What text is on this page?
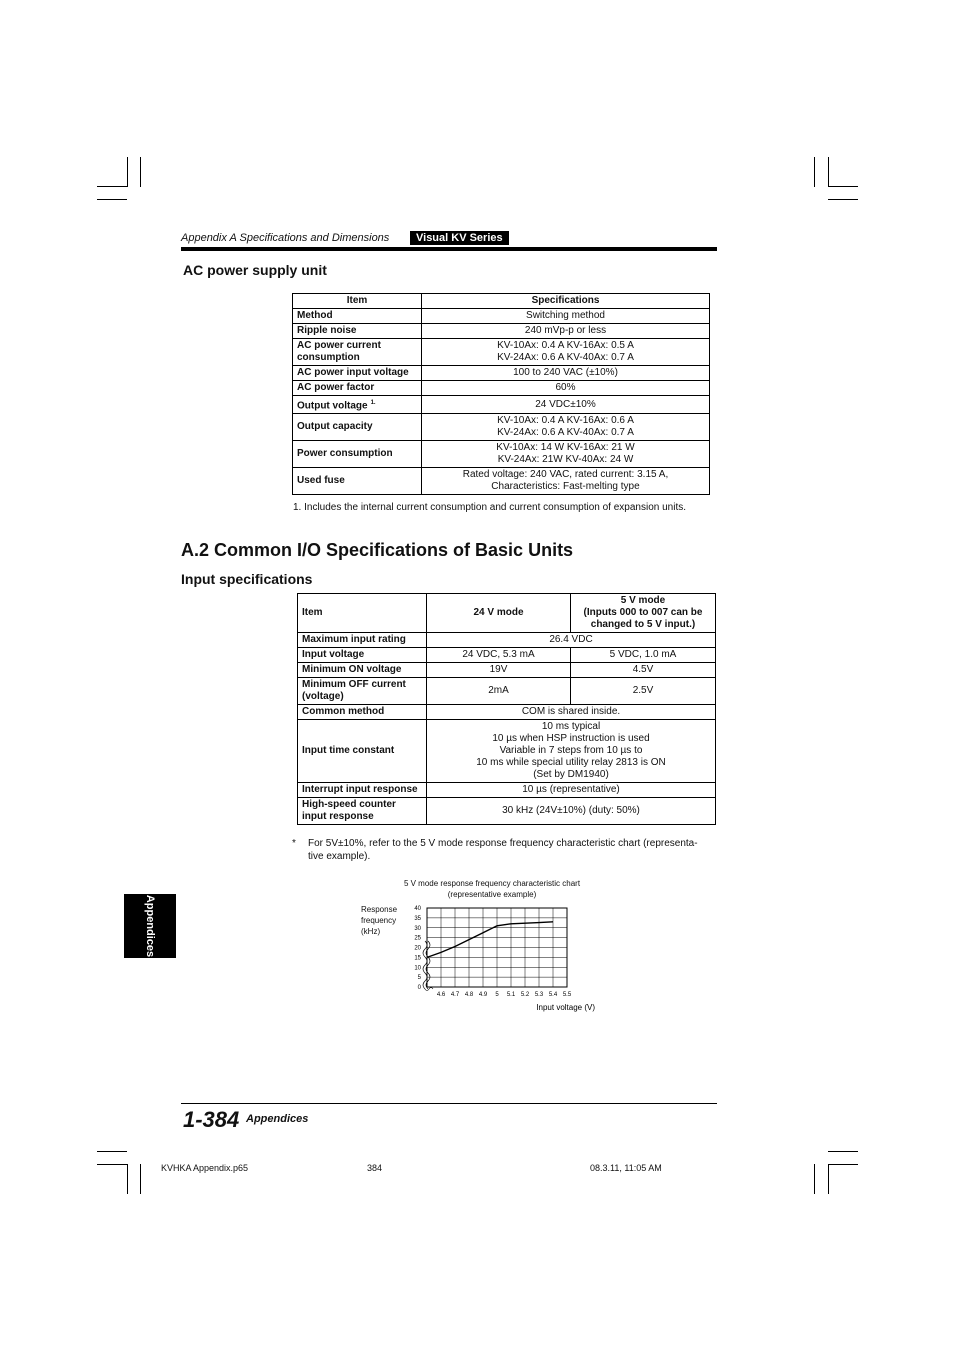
Appendix A Specifications and Dimensions	Visual KV Series
AC power supply unit
Item	Specifications
Method	Switching method

Ripple noise	240 mVp-p or less

AC power current consumption	KV-10Ax: 0.4 A KV-16Ax: 0.5 A
KV-24Ax: 0.6 A KV-40Ax: 0.7 A

AC power input voltage	100 to 240 VAC (±10%)

AC power factor	60%

Output voltage $^{1.}$	24 VDC±10%

Output capacity	KV-10Ax: 0.4 A KV-16Ax: 0.6 A
KV-24Ax: 0.6 A KV-40Ax: 0.7 A

Power consumption	KV-10Ax: 14 W KV-16Ax: 21 W
KV-24Ax: 21W KV-40Ax: 24 W

Used fuse	Rated voltage: 240 VAC, rated current: 3.15 A,
Characteristics: Fast-melting type
1. Includes the internal current consumption and current consumption of expansion units.
A.2 Common I/O Specifications of Basic Units
Input specifications
Item	24 V mode	5 V mode
(Inputs 000 to 007 can be
changed to 5 V input.)

Maximum input rating	26.4 VDC	

Input voltage	24 VDC, 5.3 mA	5 VDC, 1.0 mA
Minimum ON voltage	19V	4.5V
Minimum OFF current (voltage)	2mA	2.5V
Common method	COM is shared inside.	

Input time constant	10 ms typical
10 µs when HSP instruction is used
Variable in 7 steps from 10 µs to
10 ms while special utility relay 2813 is ON
(Set by DM1940)	

Interrupt input response	10 µs (representative)	

High-speed counter input response	30 kHz (24V±10%) (duty: 50%)	
* For 5V±10%, refer to the 5 V mode response frequency characteristic chart (representa-tive example).
5 V mode response frequency characteristic chart
(representative example)
Response frequency (kHz)
0
5
10
15
20
25
30
35
40
4.6 4.7 4.8 4.9 5 5.1 5.2 5.3 5.4 5.5
Input voltage (V)
Appendices
1-384 Appendices
KVHKA Appendix.p65	384	08.3.11, 11:05 AM
